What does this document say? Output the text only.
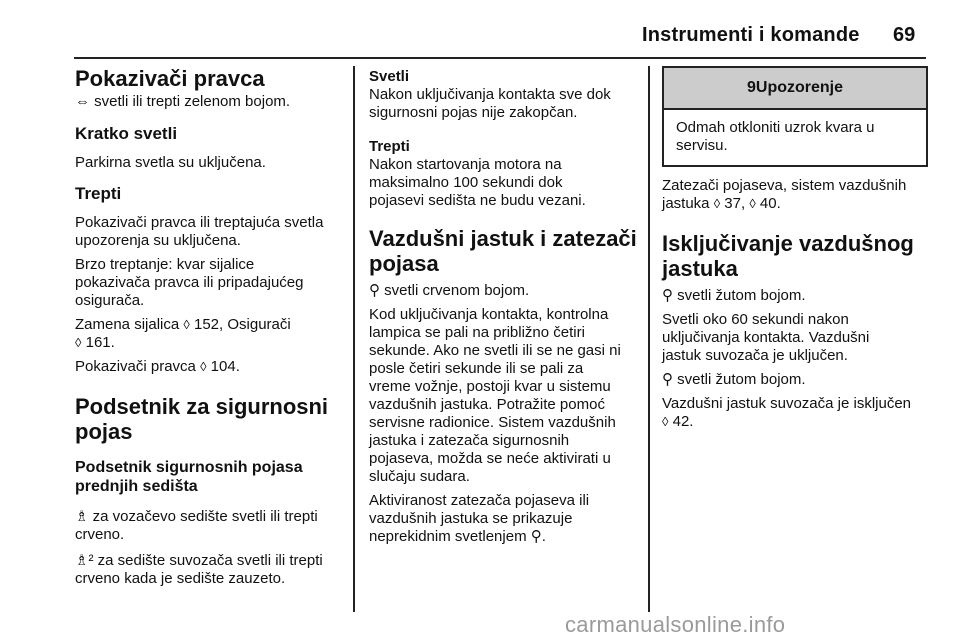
Instrumenti i komande 69

Pokazivači pravca

⇔ svetli ili trepti zelenom bojom.

Kratko svetli

Parkirna svetla su uključena.

Trepti

Pokazivači pravca ili treptajuća svetla

upozorenja su uključena.

Brzo treptanje: kvar sijalice

pokazivača pravca ili pripadajućeg

osigurača.

Zamena sijalica ◊ 152, Osigurači

◊ 161.

Pokazivači pravca ◊ 104.

Podsetnik za sigurnosni

pojas

Podsetnik sigurnosnih pojasa

prednjih sedišta

♗ za vozačevo sedište svetli ili trepti

crveno.

♗² za sedište suvozača svetli ili trepti

crveno kada je sedište zauzeto.

Svetli

Nakon uključivanja kontakta sve dok

sigurnosni pojas nije zakopčan.

Trepti

Nakon startovanja motora na

maksimalno 100 sekundi dok

pojasevi sedišta ne budu vezani.

Vazdušni jastuk i zatezači

pojasa

⚲ svetli crvenom bojom.

Kod uključivanja kontakta, kontrolna

lampica se pali na približno četiri

sekunde. Ako ne svetli ili se ne gasi ni

posle četiri sekunde ili se pali za

vreme vožnje, postoji kvar u sistemu

vazdušnih jastuka. Potražite pomoć

servisne radionice. Sistem vazdušnih

jastuka i zatezača sigurnosnih

pojaseva, možda se neće aktivirati u

slučaju sudara.

Aktiviranost zatezača pojaseva ili

vazdušnih jastuka se prikazuje

neprekidnim svetlenjem ⚲.

9 Upozorenje

Odmah otkloniti uzrok kvara u

servisu.

Zatezači pojaseva, sistem vazdušnih

jastuka ◊ 37, ◊ 40.

Isključivanje vazdušnog

jastuka

⚲ svetli žutom bojom.

Svetli oko 60 sekundi nakon

uključivanja kontakta. Vazdušni

jastuk suvozača je uključen.

⚲ svetli žutom bojom.

Vazdušni jastuk suvozača je isključen

◊ 42.

carmanualsonline.info
